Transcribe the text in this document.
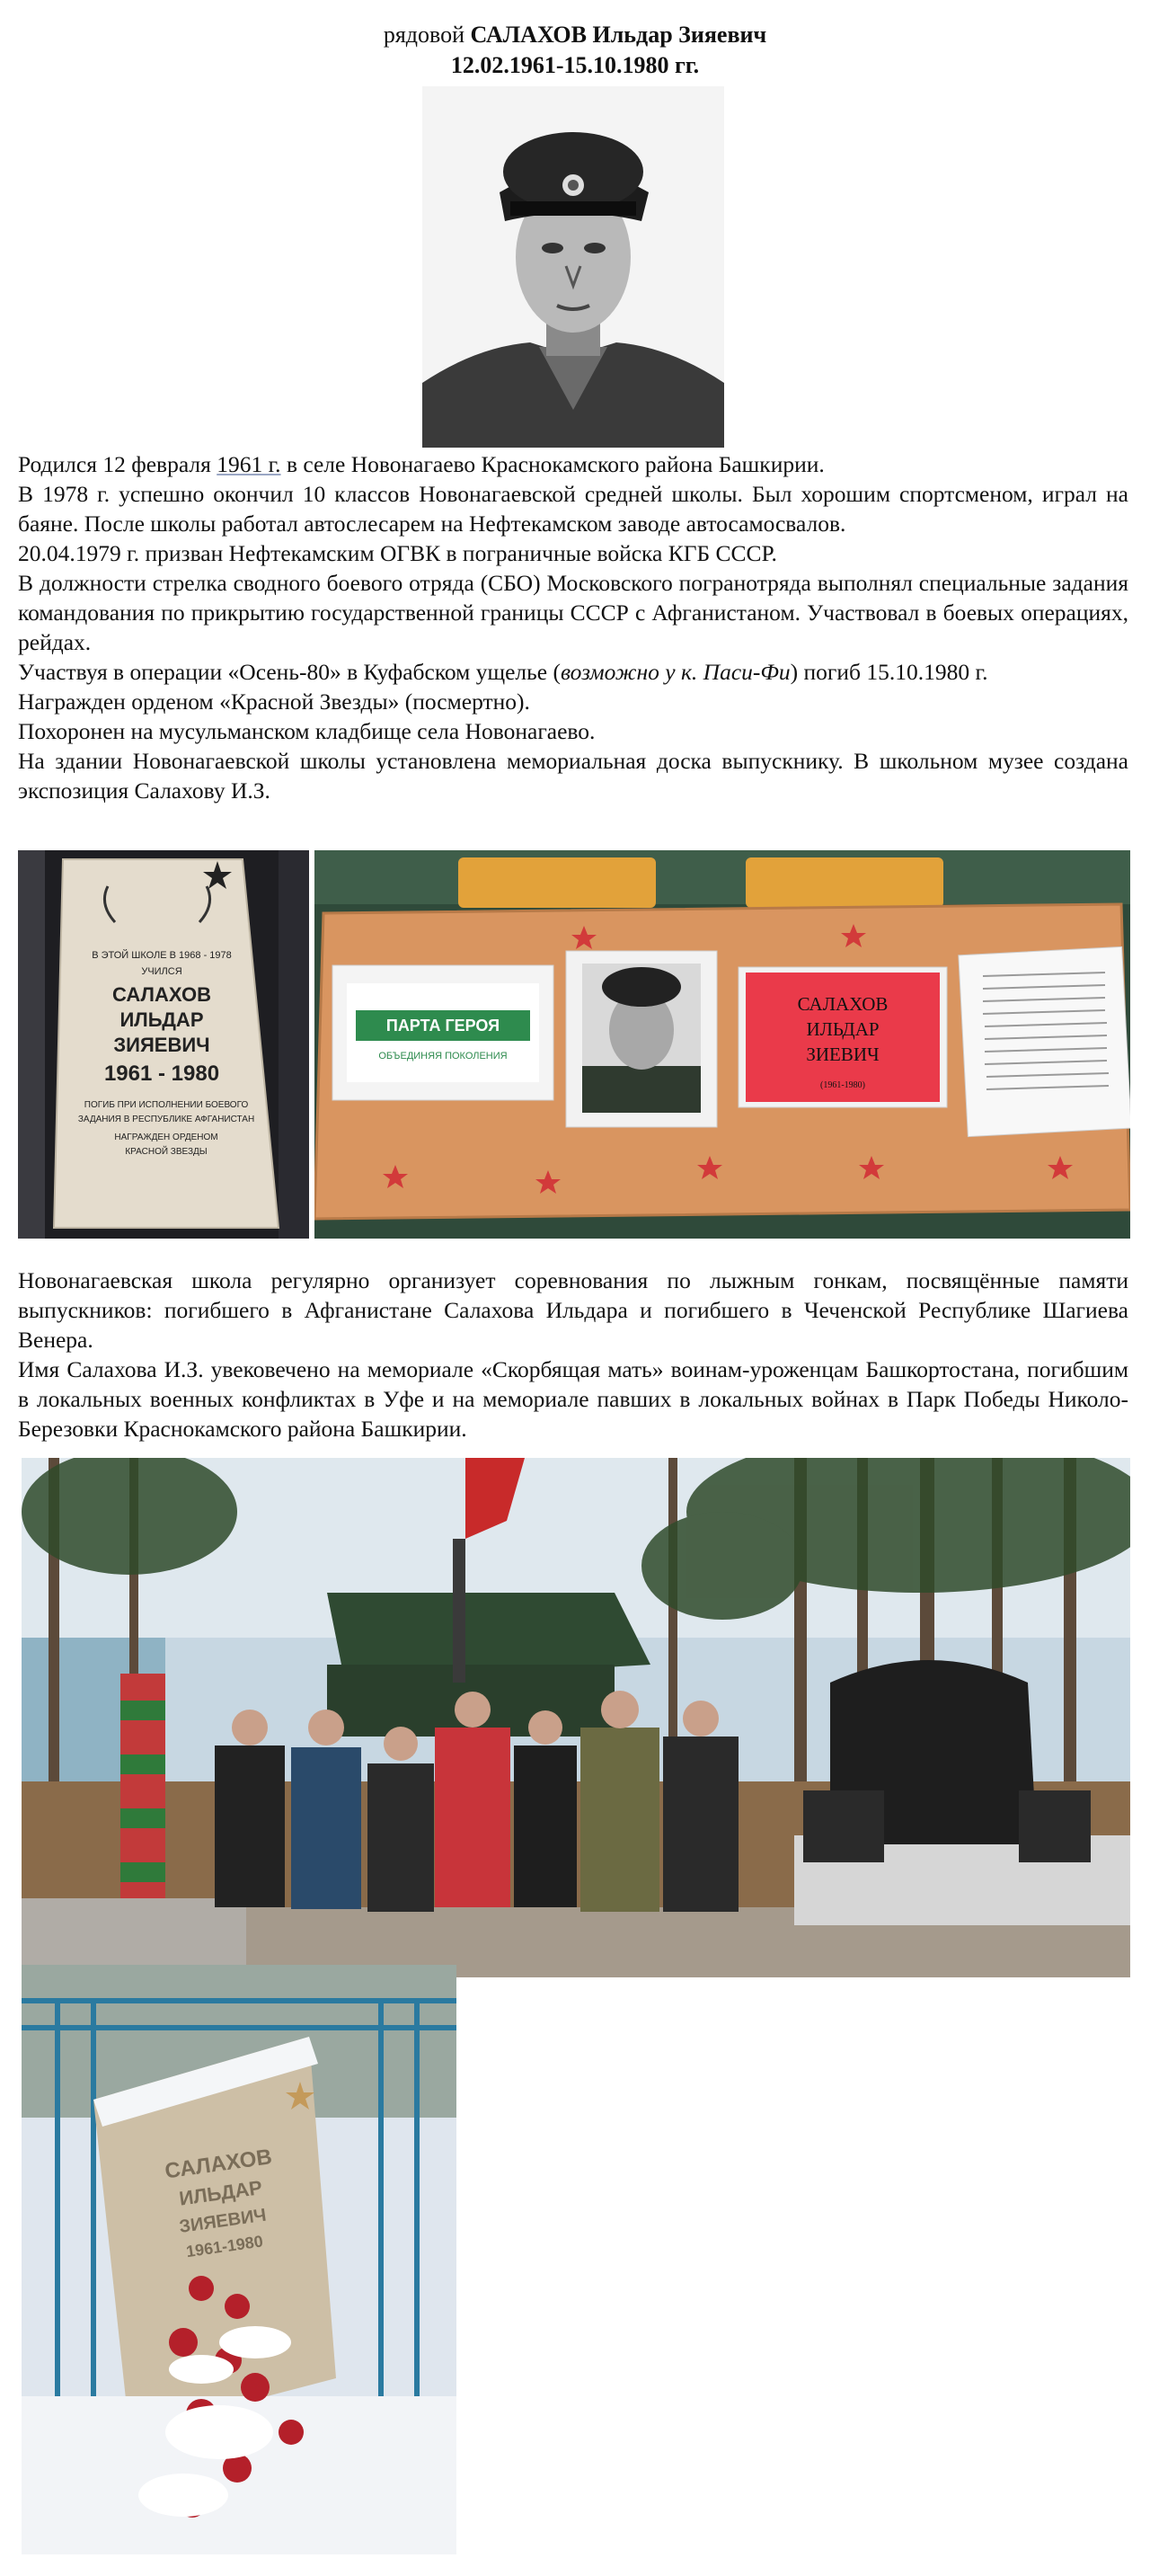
рядовой САЛАХОВ Ильдар Зияевич
12.02.1961-15.10.1980 гг.

Родился 12 февраля 1961 г. в селе Новонагаево Краснокамского района Башкирии.

В 1978 г. успешно окончил 10 классов Новонагаевской средней школы. Был хорошим спортсменом, играл на баяне. После школы работал автослесарем на Нефтекамском заводе автосамосвалов.

20.04.1979 г. призван Нефтекамским ОГВК в пограничные войска КГБ СССР.

В должности стрелка сводного боевого отряда (СБО) Московского погранотряда выполнял специальные задания командования по прикрытию государственной границы СССР с Афганистаном. Участвовал в боевых операциях, рейдах.

Участвуя в операции «Осень-80» в Куфабском ущелье (возможно у к. Паси-Фи) погиб 15.10.1980 г.

Награжден орденом «Красной Звезды» (посмертно).

Похоронен на мусульманском кладбище села Новонагаево.

На здании Новонагаевской школы установлена мемориальная доска выпускнику. В школьном музее создана экспозиция Салахову И.З.

В ЭТОЙ ШКОЛЕ В 1968 - 1978
УЧИЛСЯ
САЛАХОВ
ИЛЬДАР
ЗИЯЕВИЧ
1961 - 1980
ПОГИБ ПРИ ИСПОЛНЕНИИ БОЕВОГО
ЗАДАНИЯ В РЕСПУБЛИКЕ АФГАНИСТАН
НАГРАЖДЕН ОРДЕНОМ
КРАСНОЙ ЗВЕЗДЫ
ПАРТА ГЕРОЯ
ОБЪЕДИНЯЯ ПОКОЛЕНИЯ
САЛАХОВ
ИЛЬДАР
ЗИЕВИЧ
(1961-1980)

Новонагаевская школа регулярно организует соревнования по лыжным гонкам, посвящённые памяти выпускников: погибшего в Афганистане Салахова Ильдара и погибшего в Чеченской Республике Шагиева Венера.

Имя Салахова И.З. увековечено на мемориале «Скорбящая мать» воинам-уроженцам Башкортостана, погибшим в локальных военных конфликтах в Уфе и на мемориале павших в локальных войнах в Парк Победы Николо-Березовки Краснокамского района Башкирии.

САЛАХОВ
ИЛЬДАР
ЗИЯЕВИЧ
1961-1980
